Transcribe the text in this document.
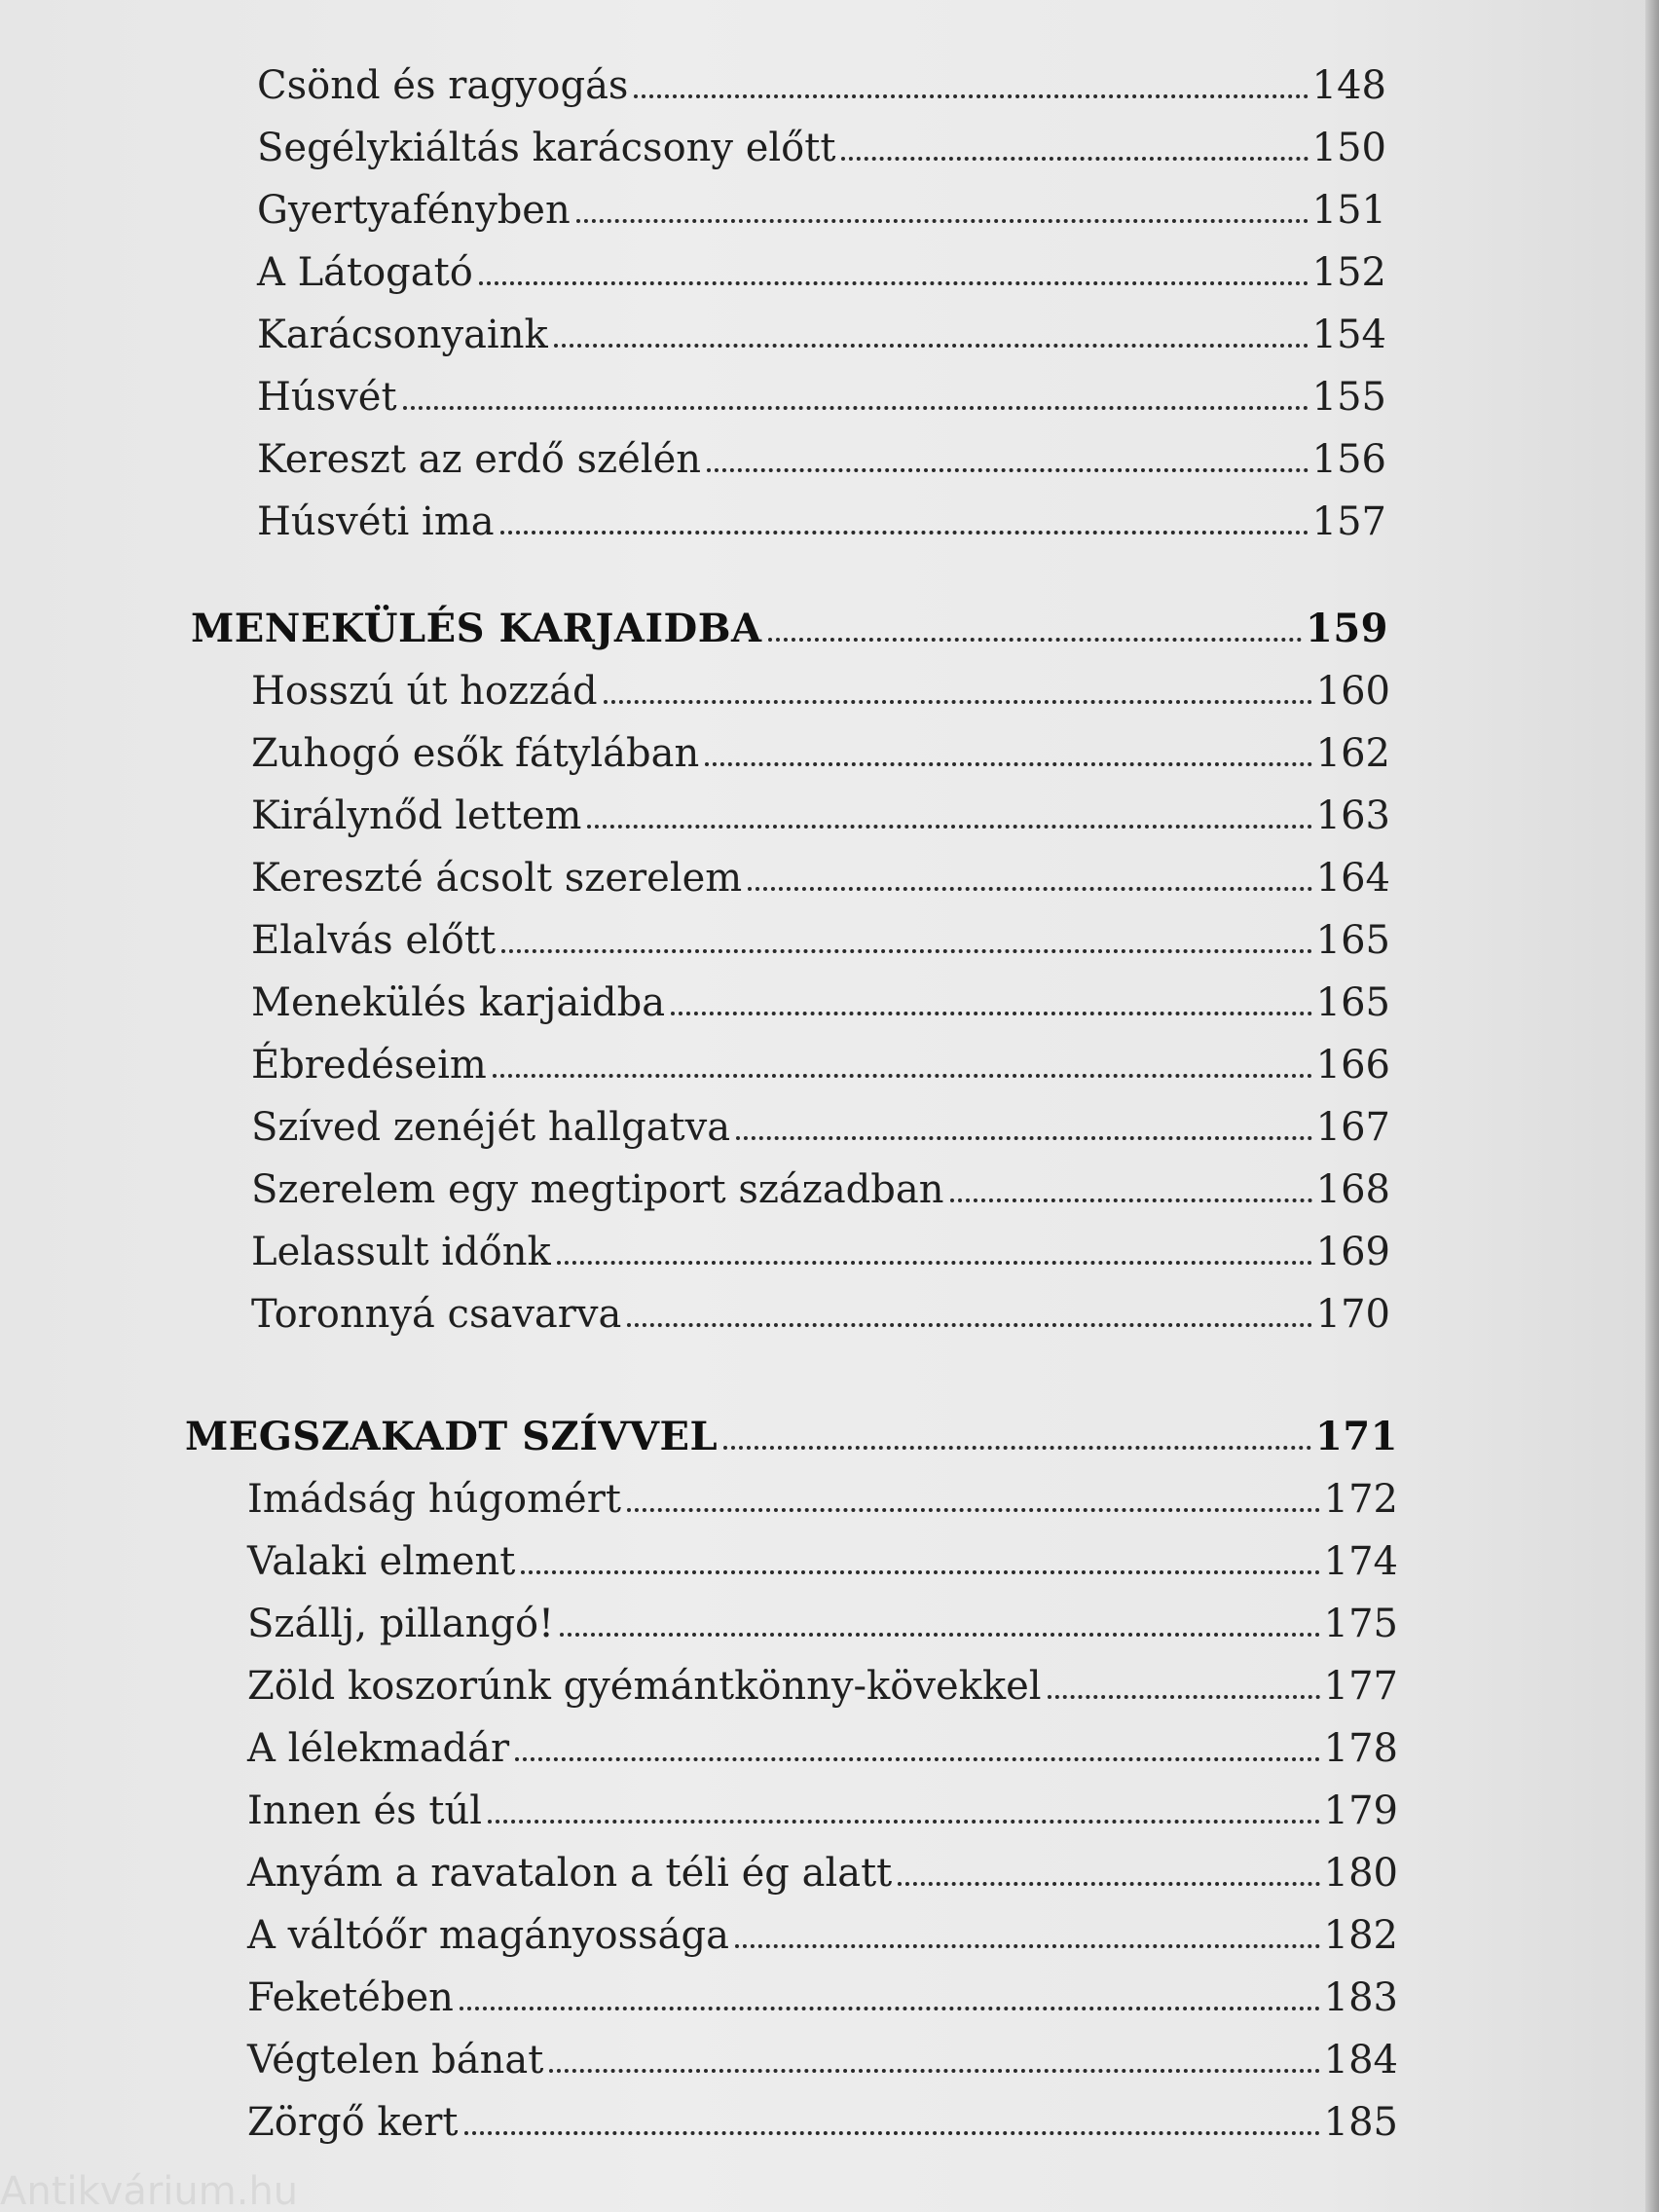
Csönd és ragyogás	148
Segélykiáltás karácsony előtt	150
Gyertyafényben	151
A Látogató	152
Karácsonyaink	154
Húsvét	155
Kereszt az erdő szélén	156
Húsvéti ima	157
MENEKÜLÉS KARJAIDBA	159
Hosszú út hozzád	160
Zuhogó esők fátylában	162
Királynőd lettem	163
Kereszté ácsolt szerelem	164
Elalvás előtt	165
Menekülés karjaidba	165
Ébredéseim	166
Szíved zenéjét hallgatva	167
Szerelem egy megtiport században	168
Lelassult időnk	169
Toronnyá csavarva	170
MEGSZAKADT SZÍVVEL	171
Imádság húgomért	172
Valaki elment	174
Szállj, pillangó!	175
Zöld koszorúnk gyémántkönny-kövekkel	177
A lélekmadár	178
Innen és túl	179
Anyám a ravatalon a téli ég alatt	180
A váltóőr magányossága	182
Feketében	183
Végtelen bánat	184
Zörgő kert	185
Antikvárium.hu
